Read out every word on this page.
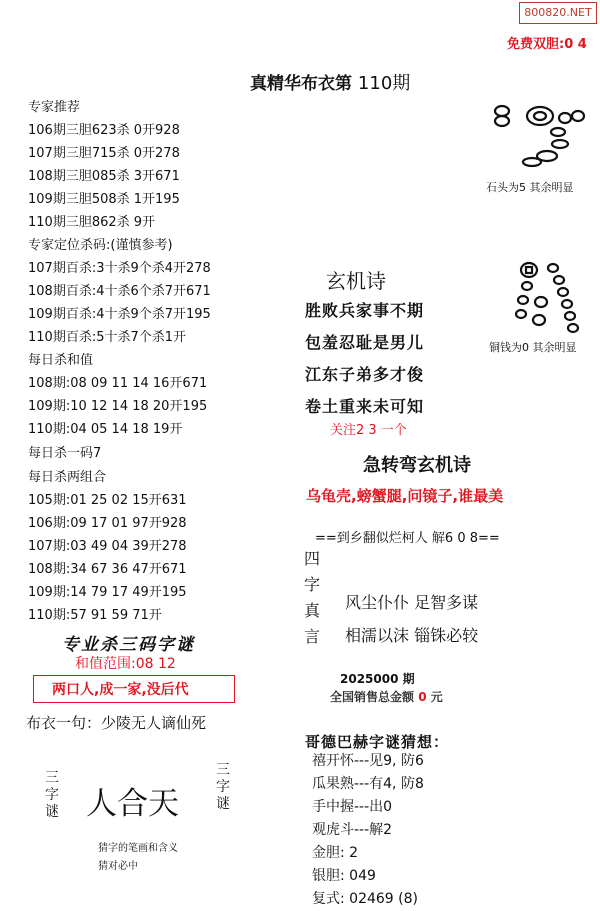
800820.NET
免费双胆:0 4
真精华布衣第 110期
专家推荐
106期三胆623杀 0开928
107期三胆715杀 0开278
108期三胆085杀 3开671
109期三胆508杀 1开195
110期三胆862杀 9开
专家定位杀码:(谨慎参考)
107期百杀:3十杀9个杀4开278
108期百杀:4十杀6个杀7开671
109期百杀:4十杀9个杀7开195
110期百杀:5十杀7个杀1开
每日杀和值
108期:08 09 11 14 16开671
109期:10 12 14 18 20开195
110期:04 05 14 18 19开
每日杀一码7
每日杀两组合
105期:01 25 02 15开631
106期:09 17 01 97开928
107期:03 49 04 39开278
108期:34 67 36 47开671
109期:14 79 17 49开195
110期:57 91 59 71开
专业杀三码字谜
和值范围:08 12
两口人,成一家,没后代
布衣一句：少陵无人谪仙死
三字谜 人合天
三字谜
猜字的笔画和含义
猜对必中
石头为5 其余明显
铜钱为0 其余明显
玄机诗
胜败兵家事不期
包羞忍耻是男儿
江东子弟多才俊
卷土重来未可知
关注2 3 一个
急转弯玄机诗
乌龟壳,螃蟹腿,问镜子,谁最美
==到乡翻似烂柯人 解6 0 8==
四
字
真
言
风尘仆仆 足智多谋
相濡以沫 锱铢必较
2025000 期
全国销售总金额 0 元
哥德巴赫字谜猜想：
禧开怀---见9, 防6
瓜果熟---有4, 防8
手中握---出0
观虎斗---解2
金胆: 2
银胆: 049
复式: 02469 (8)
